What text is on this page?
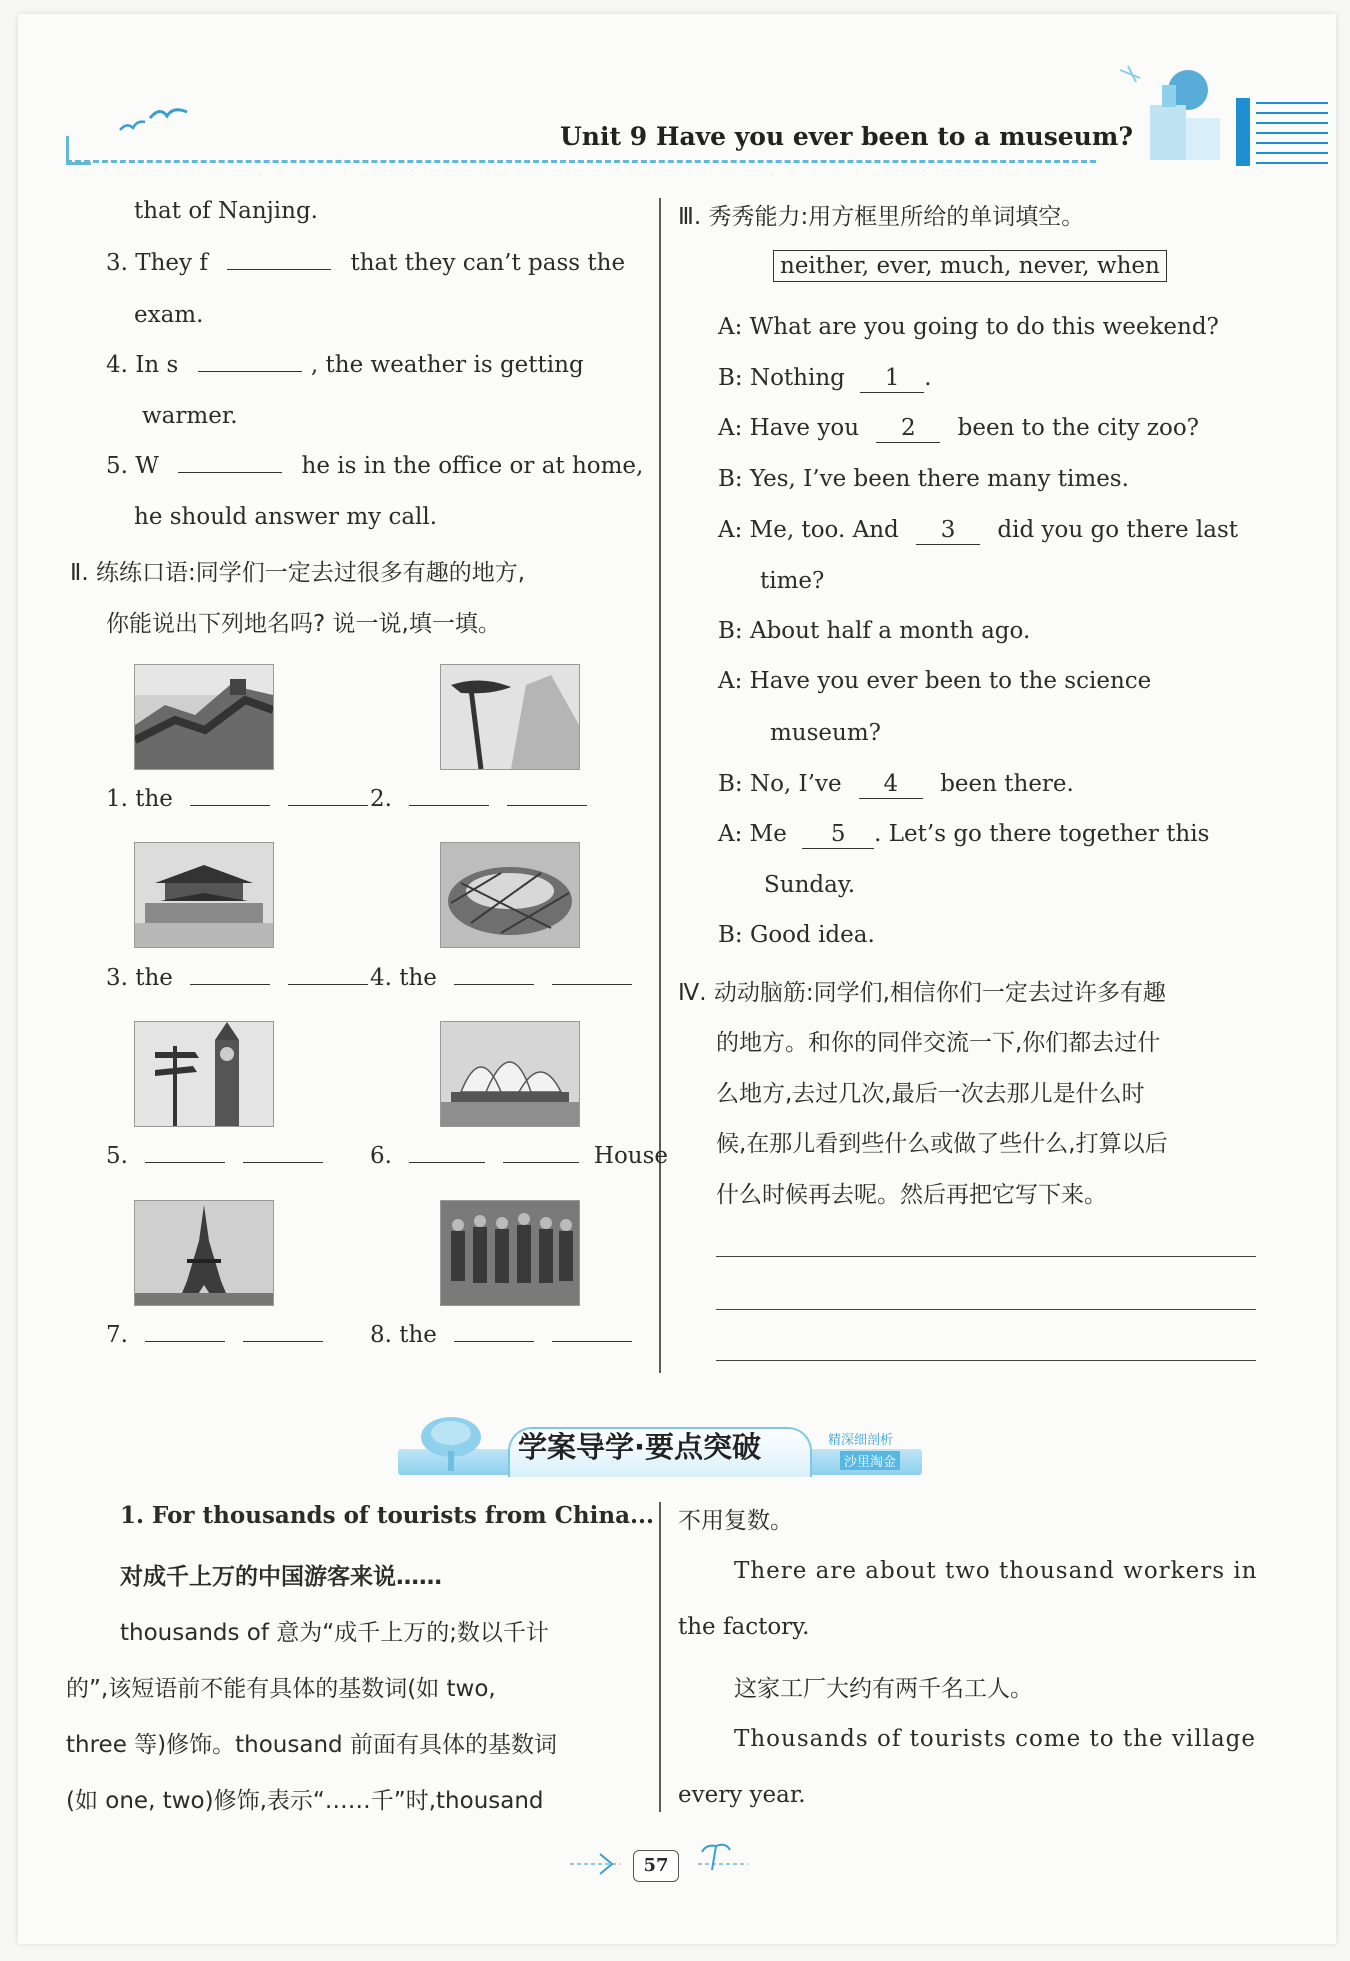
Unit 9 Have you ever been to a museum?
that of Nanjing.
3. They f	that they can’t pass the
exam.
4. In s	, the weather is getting
warmer.
5. W	he is in the office or at home,
he should answer my call.
Ⅱ. 练练口语:同学们一定去过很多有趣的地方,
你能说出下列地名吗? 说一说,填一填。
1. the	2.
3. the	4. the
5.	6.	House
7.	8. the
Ⅲ. 秀秀能力:用方框里所给的单词填空。
neither, ever, much, never, when
A: What are you going to do this weekend?
B: Nothing 1 .
A: Have you 2 been to the city zoo?
B: Yes, I’ve been there many times.
A: Me, too. And 3 did you go there last
time?
B: About half a month ago.
A: Have you ever been to the science
museum?
B: No, I’ve 4 been there.
A: Me 5 . Let’s go there together this
Sunday.
B: Good idea.
Ⅳ. 动动脑筋:同学们,相信你们一定去过许多有趣
的地方。和你的同伴交流一下,你们都去过什
么地方,去过几次,最后一次去那儿是什么时
候,在那儿看到些什么或做了些什么,打算以后
什么时候再去呢。然后再把它写下来。
学案导学·要点突破	精深细剖析
沙里淘金
1. For thousands of tourists from China...
对成千上万的中国游客来说……
thousands of 意为“成千上万的;数以千计
的”,该短语前不能有具体的基数词(如 two,
three 等)修饰。thousand 前面有具体的基数词
(如 one, two)修饰,表示“……千”时,thousand
不用复数。
There are about two thousand workers in
the factory.
这家工厂大约有两千名工人。
Thousands of tourists come to the village
every year.
57
